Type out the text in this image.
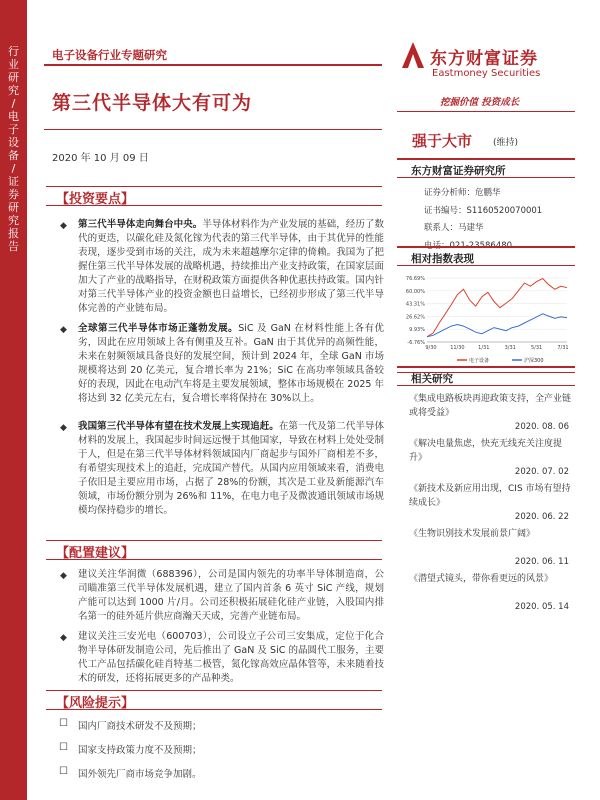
行
业
研
究
/
电
子
设
备
/
证
券
研
究
报
告
电子设备行业专题研究
第三代半导体大有可为
2020 年 10 月 09 日
【投资要点】
◆ 第三代半导体走向舞台中央。半导体材料作为产业发展的基础，经历了数代的更迭，以碳化硅及氮化镓为代表的第三代半导体，由于其优异的性能表现，逐步受到市场的关注，成为未来超越摩尔定律的倚赖。我国为了把握住第三代半导体发展的战略机遇，持续推出产业支持政策，在国家层面加大了产业的战略指导，在财税政策方面提供各种优惠扶持政策。国内针对第三代半导体产业的投资金额也日益增长，已经初步形成了第三代半导体完善的产业链布局。
◆ 全球第三代半导体市场正蓬勃发展。SiC 及 GaN 在材料性能上各有优劣，因此在应用领域上各有侧重及互补。GaN 由于其优异的高频性能，未来在射频领域具备良好的发展空间，预计到 2024 年，全球 GaN 市场规模将达到 20 亿美元，复合增长率为 21%；SiC 在高功率领域具备较好的表现，因此在电动汽车将是主要发展领域，整体市场规模在 2025 年将达到 32 亿美元左右，复合增长率将保持在 30%以上。
◆ 我国第三代半导体有望在技术发展上实现追赶。在第一代及第二代半导体材料的发展上，我国起步时间远远慢于其他国家，导致在材料上处处受制于人，但是在第三代半导体材料领域国内厂商起步与国外厂商相差不多，有希望实现技术上的追赶，完成国产替代。从国内应用领域来看，消费电子依旧是主要应用市场，占据了 28%的份额，其次是工业及新能源汽车领域，市场份额分别为 26%和 11%，在电力电子及微波通讯领域市场规模均保持稳步的增长。
【配置建议】
◆ 建议关注华润微（688396），公司是国内领先的功率半导体制造商，公司瞄准第三代半导体发展机遇，建立了国内首条 6 英寸 SiC 产线，规划产能可以达到 1000 片/月。公司还积极拓展硅化硅产业链，入股国内排名第一的硅外延片供应商瀚天天成，完善产业链布局。
◆ 建议关注三安光电（600703），公司设立子公司三安集成，定位于化合物半导体研发制造公司，先后推出了 GaN 及 SiC 的晶圆代工服务，主要代工产品包括碳化硅肖特基二极管，氮化镓高效应晶体管等，未来随着技术的研发，还将拓展更多的产品种类。
【风险提示】
☐ 国内厂商技术研发不及预期；
☐ 国家支持政策力度不及预期；
☐ 国外领先厂商市场竞争加剧。
东方财富证券
Eastmoney Securities
挖掘价值 投资成长
强于大市 (维持)
东方财富证券研究所
证券分析师：危鹏华
证书编号：S1160520070001
联系人：马建华
电话：021-23586480
相对指数表现
76.69%
60.00%
43.31%
26.62%
9.93%
-6.76%
9/30	11/30	1/31	3/31	5/31	7/31
电子设备	沪深300
相关研究
《集成电路板块再迎政策支持，全产业链或将受益》
2020. 08. 06
《解决电量焦虑，快充无线充关注度提升》
2020. 07. 02
《新技术及新应用出现，CIS 市场有望持续成长》
2020. 06. 22
《生物识别技术发展前景广阔》
2020. 06. 11
《潜望式镜头，带你看更远的风景》
2020. 05. 14
